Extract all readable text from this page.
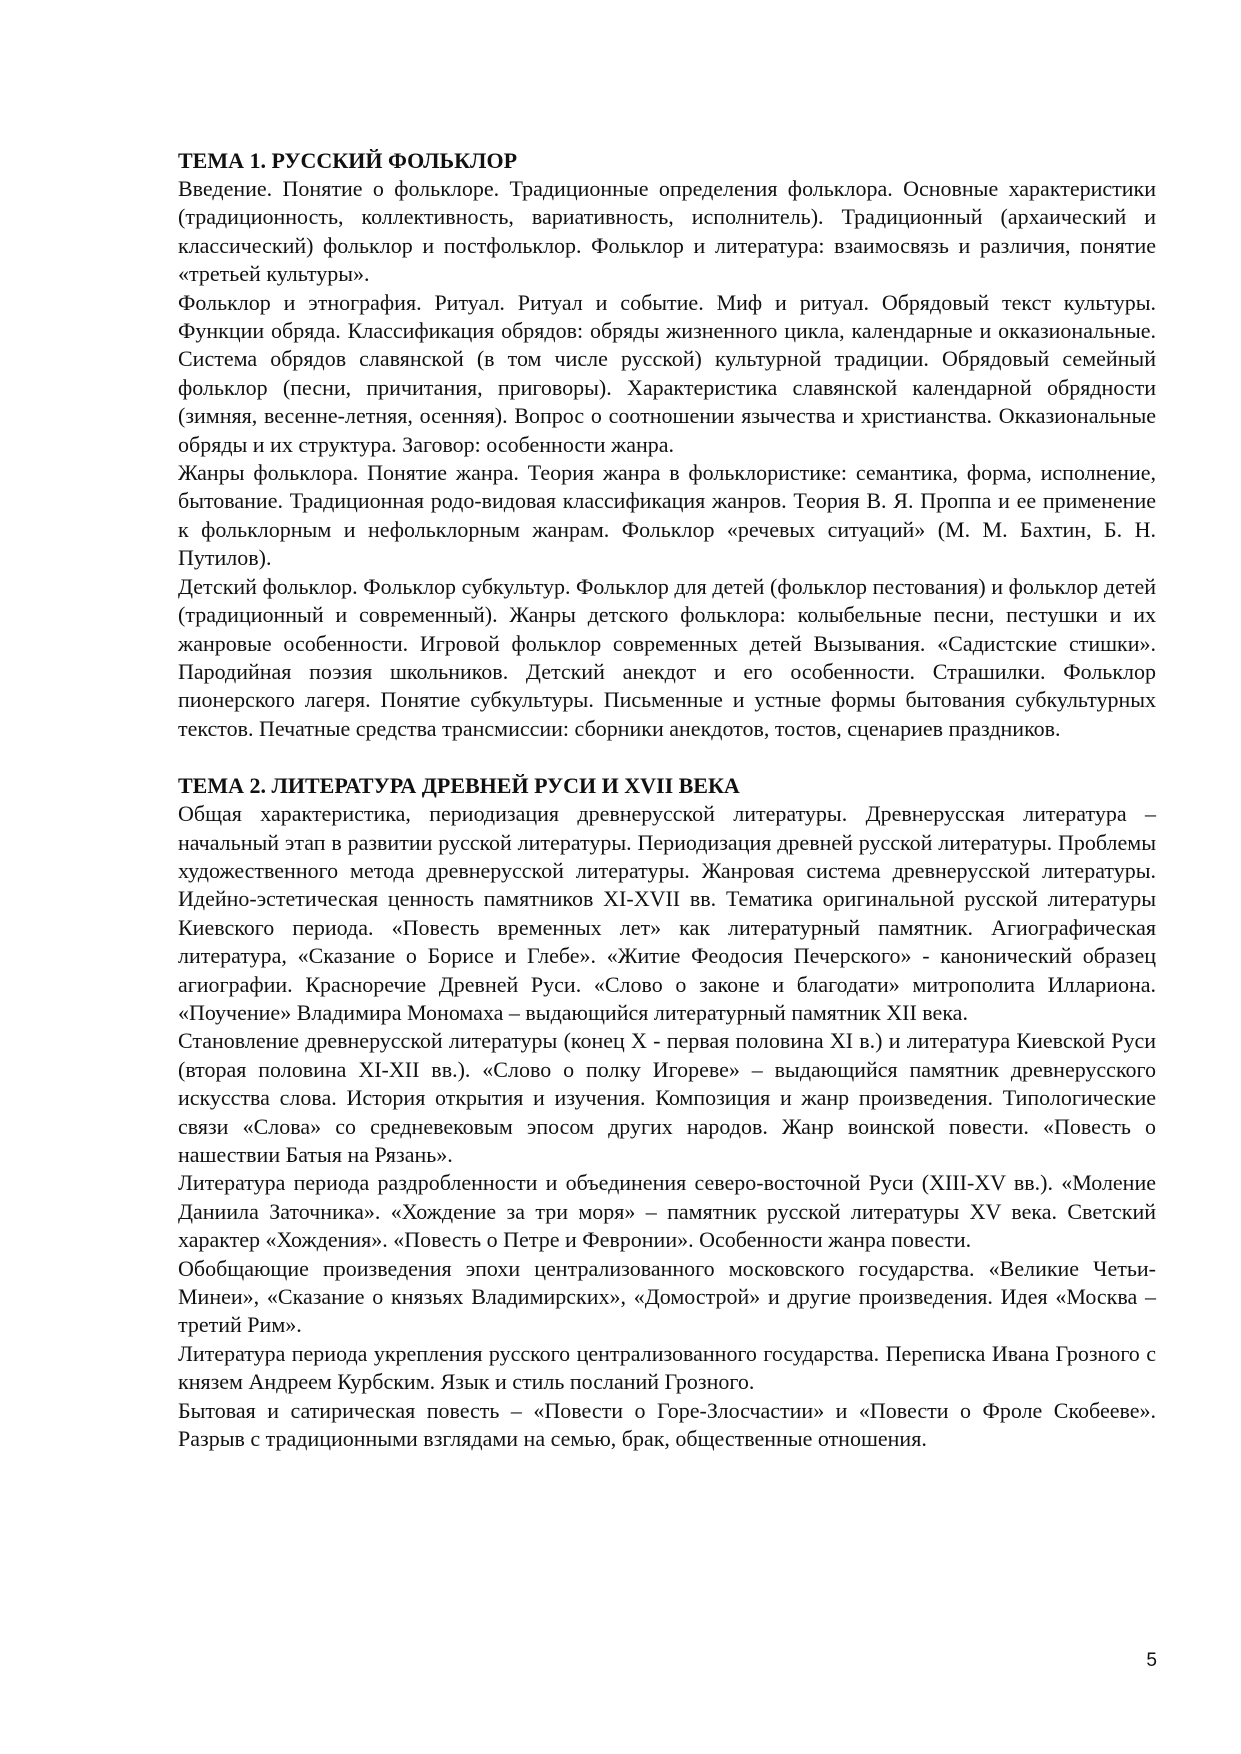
ТЕМА 1. РУССКИЙ ФОЛЬКЛОР

Введение. Понятие о фольклоре. Традиционные определения фольклора. Основные характеристики (традиционность, коллективность, вариативность, исполнитель). Традиционный (архаический и классический) фольклор и постфольклор. Фольклор и литература: взаимосвязь и различия, понятие «третьей культуры».

Фольклор и этнография. Ритуал. Ритуал и событие. Миф и ритуал. Обрядовый текст культуры. Функции обряда. Классификация обрядов: обряды жизненного цикла, календарные и окказиональные. Система обрядов славянской (в том числе русской) культурной традиции. Обрядовый семейный фольклор (песни, причитания, приговоры). Характеристика славянской календарной обрядности (зимняя, весенне-летняя, осенняя). Вопрос о соотношении язычества и христианства. Окказиональные обряды и их структура. Заговор: особенности жанра.

Жанры фольклора. Понятие жанра. Теория жанра в фольклористике: семантика, форма, исполнение, бытование. Традиционная родо-видовая классификация жанров. Теория В. Я. Проппа и ее применение к фольклорным и нефольклорным жанрам. Фольклор «речевых ситуаций» (М. М. Бахтин, Б. Н. Путилов).

Детский фольклор. Фольклор субкультур. Фольклор для детей (фольклор пестования) и фольклор детей (традиционный и современный). Жанры детского фольклора: колыбельные песни, пестушки и их жанровые особенности. Игровой фольклор современных детей Вызывания. «Садистские стишки». Пародийная поэзия школьников. Детский анекдот и его особенности. Страшилки. Фольклор пионерского лагеря. Понятие субкультуры. Письменные и устные формы бытования субкультурных текстов. Печатные средства трансмиссии: сборники анекдотов, тостов, сценариев праздников.

ТЕМА 2. ЛИТЕРАТУРА ДРЕВНЕЙ РУСИ И XVII ВЕКА

Общая характеристика, периодизация древнерусской литературы. Древнерусская литература – начальный этап в развитии русской литературы. Периодизация древней русской литературы. Проблемы художественного метода древнерусской литературы. Жанровая система древнерусской литературы. Идейно-эстетическая ценность памятников XI-XVII вв. Тематика оригинальной русской литературы Киевского периода. «Повесть временных лет» как литературный памятник. Агиографическая литература, «Сказание о Борисе и Глебе». «Житие Феодосия Печерского» - канонический образец агиографии. Красноречие Древней Руси. «Слово о законе и благодати» митрополита Иллариона. «Поучение» Владимира Мономаха – выдающийся литературный памятник XII века.

Становление древнерусской литературы (конец X - первая половина XI в.) и литература Киевской Руси (вторая половина XI-XII вв.). «Слово о полку Игореве» – выдающийся памятник древнерусского искусства слова. История открытия и изучения. Композиция и жанр произведения. Типологические связи «Слова» со средневековым эпосом других народов. Жанр воинской повести. «Повесть о нашествии Батыя на Рязань».

Литература периода раздробленности и объединения северо-восточной Руси (XIII-XV вв.). «Моление Даниила Заточника». «Хождение за три моря» – памятник русской литературы XV века. Светский характер «Хождения». «Повесть о Петре и Февронии». Особенности жанра повести.

Обобщающие произведения эпохи централизованного московского государства. «Великие Четьи-Минеи», «Сказание о князьях Владимирских», «Домострой» и другие произведения. Идея «Москва – третий Рим».

Литература периода укрепления русского централизованного государства. Переписка Ивана Грозного с князем Андреем Курбским. Язык и стиль посланий Грозного.

Бытовая и сатирическая повесть – «Повести о Горе-Злосчастии» и «Повести о Фроле Скобееве». Разрыв с традиционными взглядами на семью, брак, общественные отношения.

5
